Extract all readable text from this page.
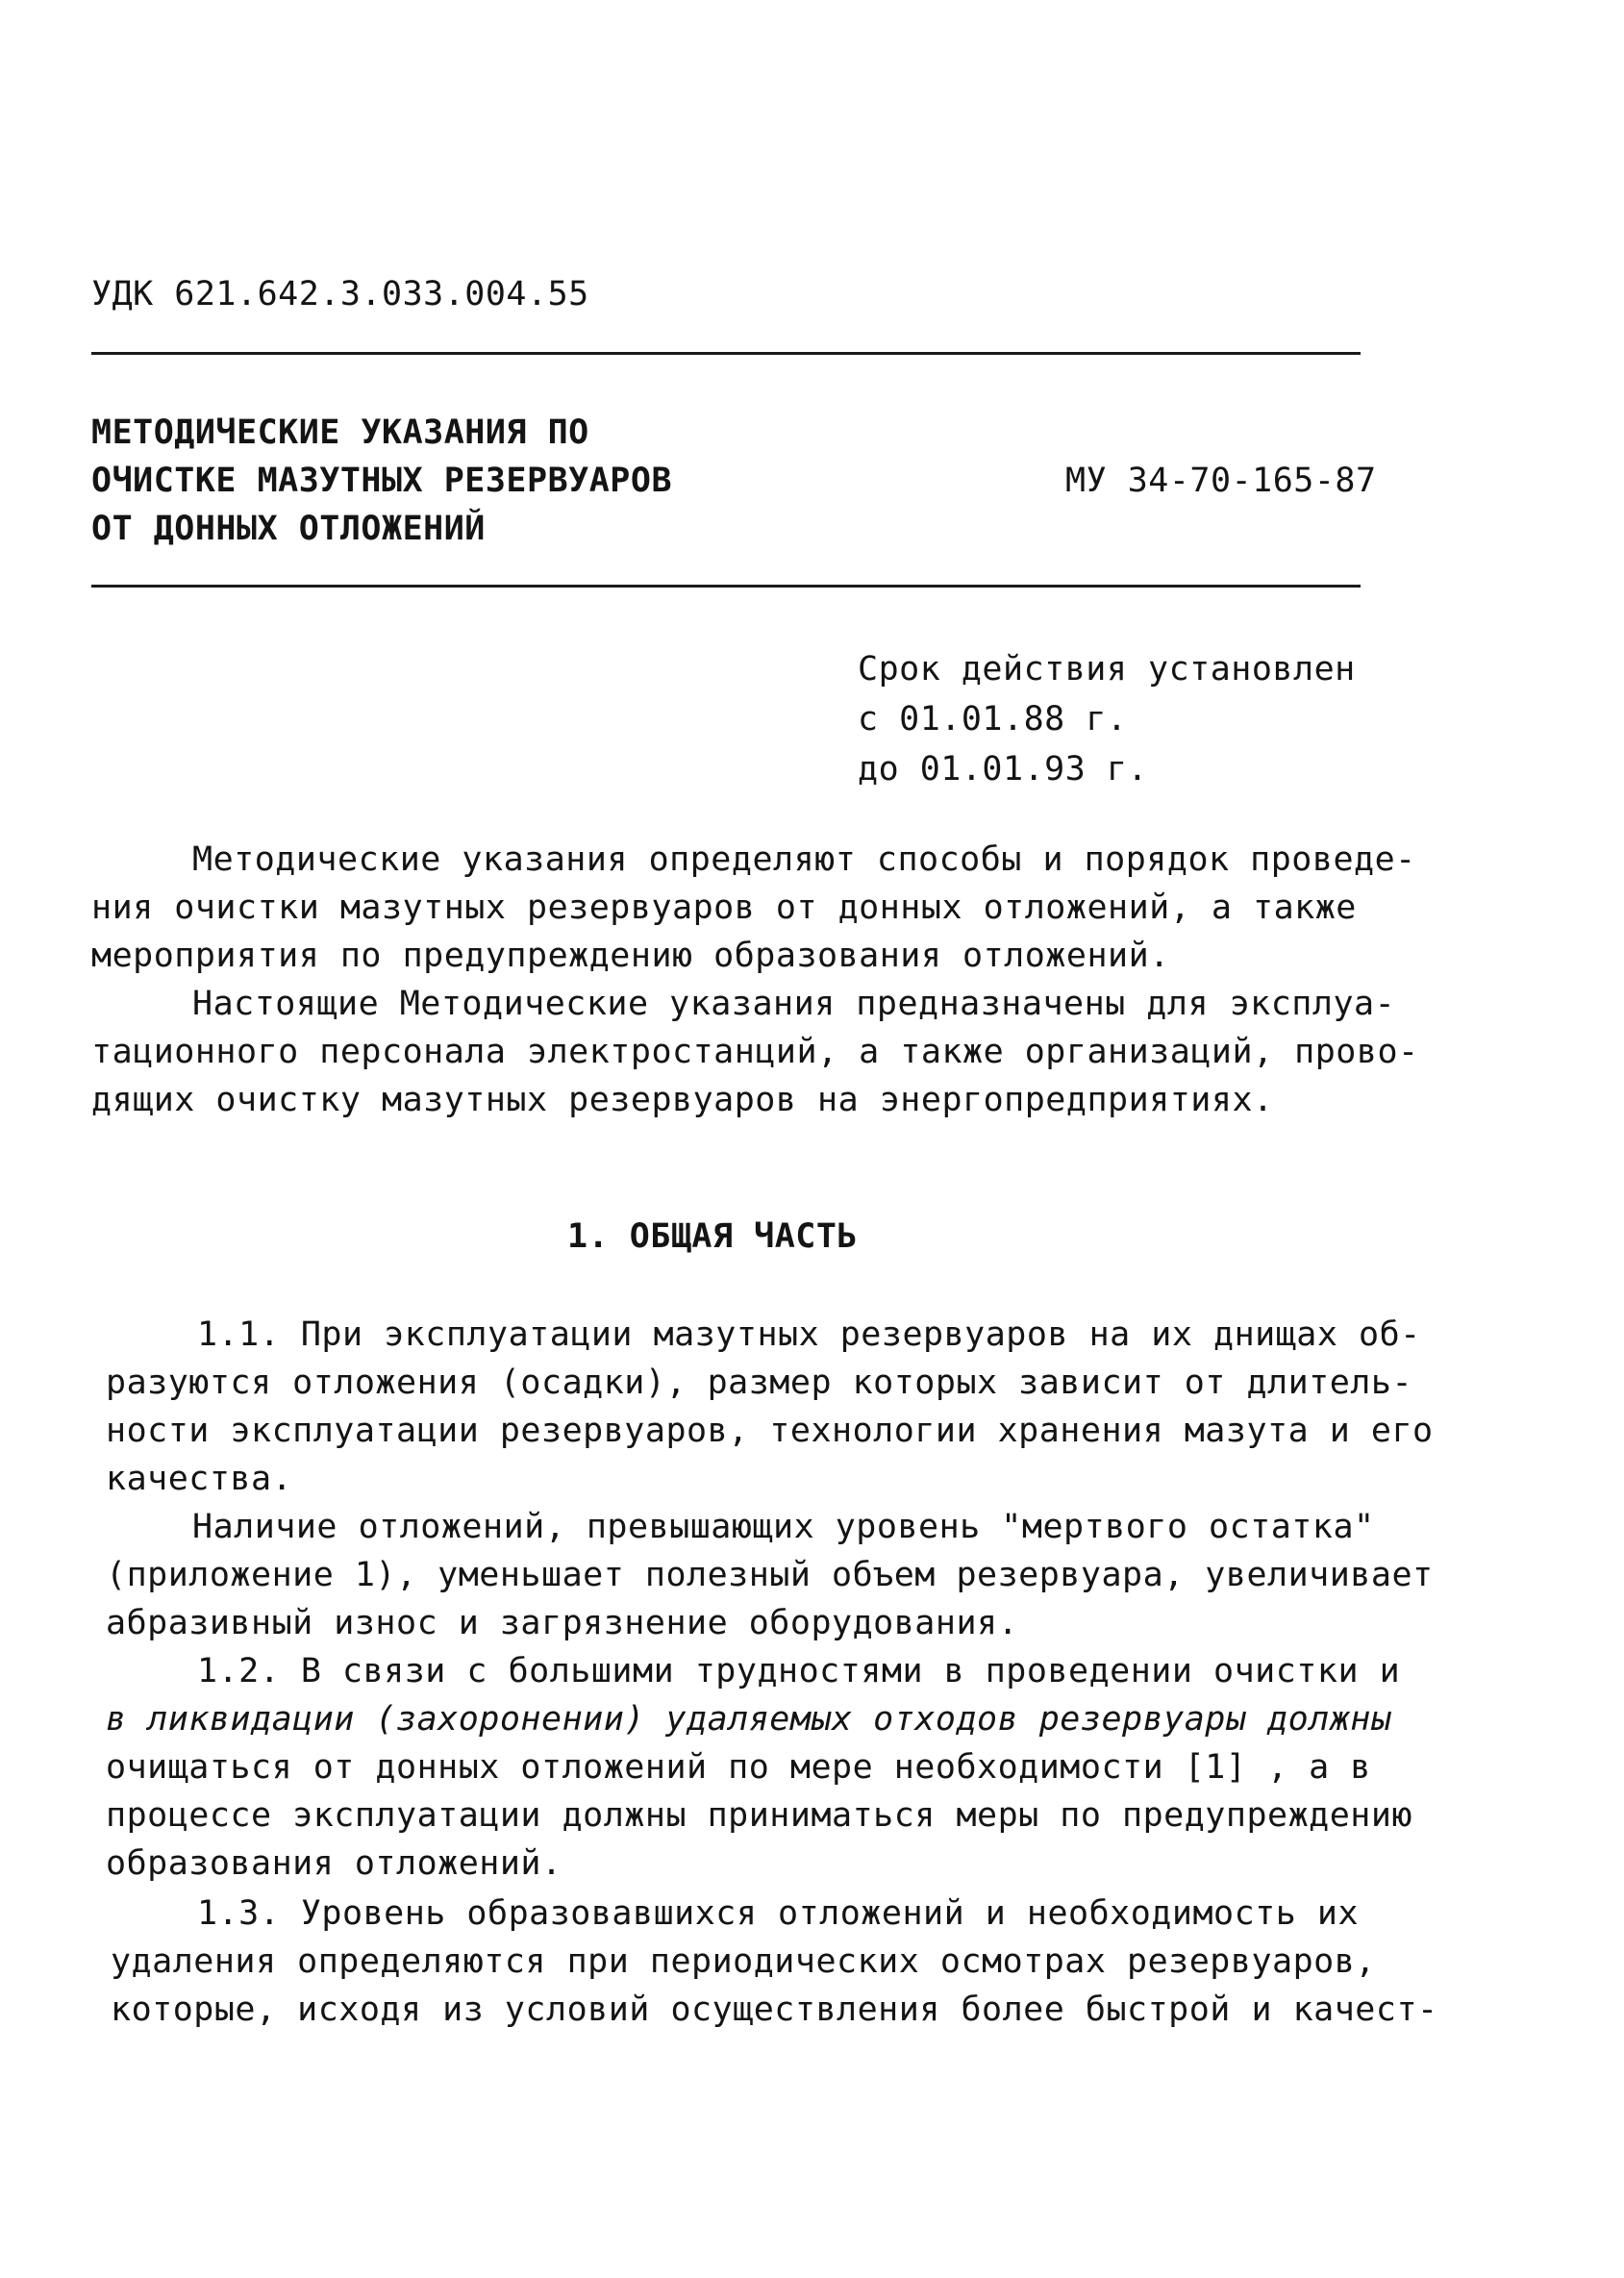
УДК 621.642.3.033.004.55
МЕТОДИЧЕСКИЕ УКАЗАНИЯ ПО
ОЧИСТКЕ МАЗУТНЫХ РЕЗЕРВУАРОВ
ОТ ДОННЫХ ОТЛОЖЕНИЙ
МУ 34-70-165-87
Срок действия установлен
с 01.01.88 г.
до 01.01.93 г.
Методические указания определяют способы и порядок проведе-
ния очистки мазутных резервуаров от донных отложений, а также
мероприятия по предупреждению образования отложений.
Настоящие Методические указания предназначены для эксплуа-
тационного персонала электростанций, а также организаций, прово-
дящих очистку мазутных резервуаров на энергопредприятиях.
1. ОБЩАЯ ЧАСТЬ
1.1. При эксплуатации мазутных резервуаров на их днищах об-
разуются отложения (осадки), размер которых зависит от длитель-
ности эксплуатации резервуаров, технологии хранения мазута и его
качества.
Наличие отложений, превышающих уровень "мертвого остатка"
(приложение 1), уменьшает полезный объем резервуара, увеличивает
абразивный износ и загрязнение оборудования.
1.2. В связи с большими трудностями в проведении очистки и
в ликвидации (захоронении) удаляемых отходов резервуары должны
очищаться от донных отложений по мере необходимости [1] , а в
процессе эксплуатации должны приниматься меры по предупреждению
образования отложений.
1.3. Уровень образовавшихся отложений и необходимость их
удаления определяются при периодических осмотрах резервуаров,
которые, исходя из условий осуществления более быстрой и качест-
